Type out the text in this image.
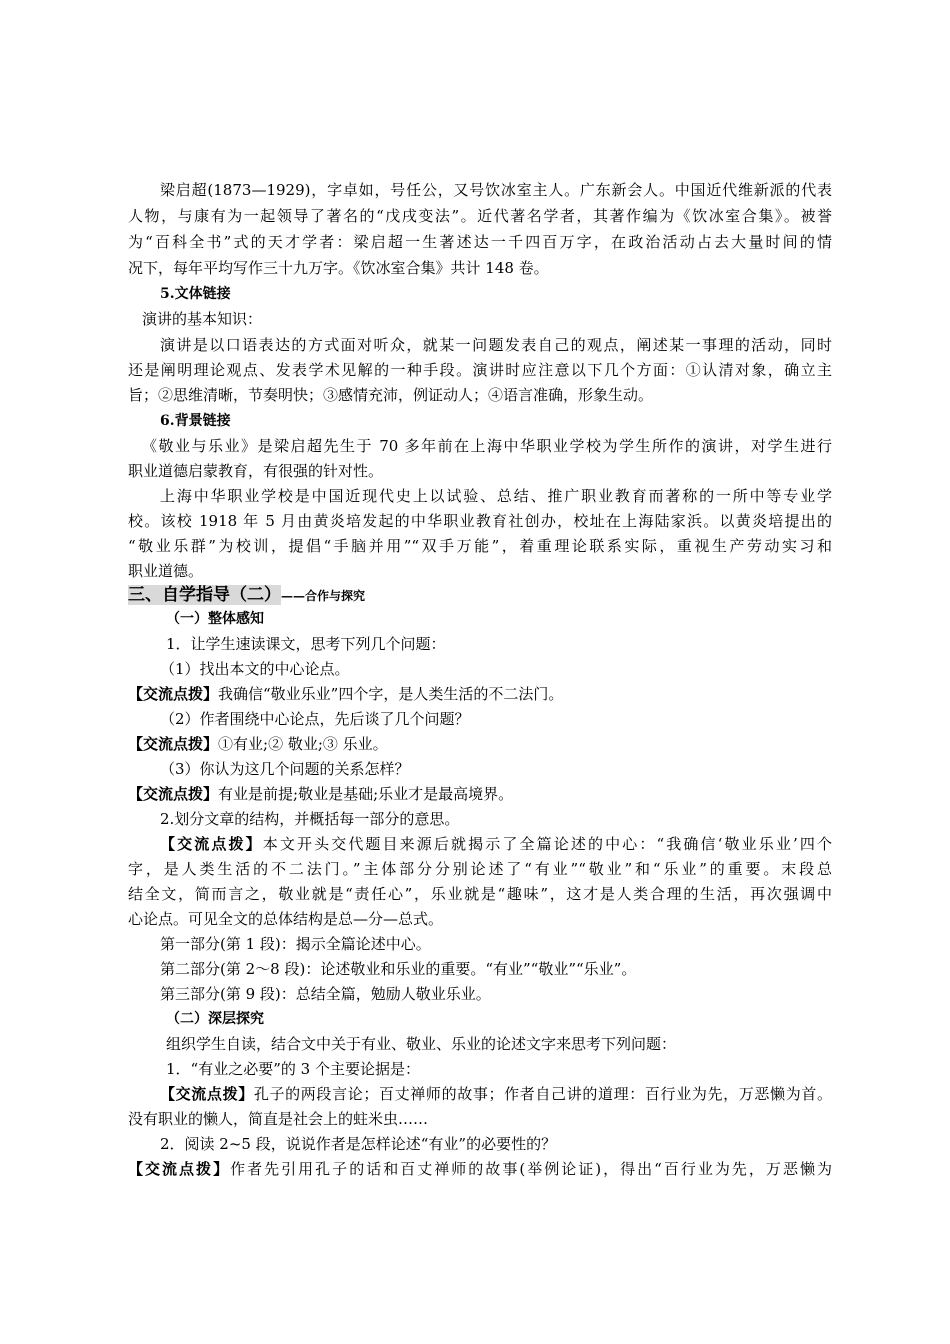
梁启超(1873—1929)，字卓如，号任公，又号饮冰室主人。广东新会人。中国近代维新派的代表
人物，与康有为一起领导了著名的“戊戌变法”。近代著名学者，其著作编为《饮冰室合集》。被誉
为“百科全书”式的天才学者：梁启超一生著述达一千四百万字，在政治活动占去大量时间的情
况下，每年平均写作三十九万字。《饮冰室合集》共计 148 卷。
5.文体链接
演讲的基本知识：
演讲是以口语表达的方式面对听众，就某一问题发表自己的观点，阐述某一事理的活动，同时
还是阐明理论观点、发表学术见解的一种手段。演讲时应注意以下几个方面：①认清对象，确立主
旨；②思维清晰，节奏明快；③感情充沛，例证动人；④语言准确，形象生动。
6.背景链接
《敬业与乐业》是梁启超先生于 70 多年前在上海中华职业学校为学生所作的演讲，对学生进行
职业道德启蒙教育，有很强的针对性。
上海中华职业学校是中国近现代史上以试验、总结、推广职业教育而著称的一所中等专业学
校。该校 1918 年 5 月由黄炎培发起的中华职业教育社创办，校址在上海陆家浜。以黄炎培提出的
“敬业乐群”为校训，提倡“手脑并用”“双手万能”，着重理论联系实际，重视生产劳动实习和
职业道德。
三、自学指导（二）——合作与探究
（一）整体感知
1．让学生速读课文，思考下列几个问题：
（1）找出本文的中心论点。
【交流点拨】我确信“敬业乐业”四个字，是人类生活的不二法门。
（2）作者围绕中心论点，先后谈了几个问题？
【交流点拨】①有业;② 敬业;③ 乐业。
（3）你认为这几个问题的关系怎样？
【交流点拨】有业是前提;敬业是基础;乐业才是最高境界。
2.划分文章的结构，并概括每一部分的意思。
【交流点拨】本文开头交代题目来源后就揭示了全篇论述的中心：“我确信‘敬业乐业’四个
字，是人类生活的不二法门。”主体部分分别论述了“有业”“敬业”和“乐业”的重要。末段总
结全文，简而言之，敬业就是“责任心”，乐业就是“趣味”，这才是人类合理的生活，再次强调中
心论点。可见全文的总体结构是总—分—总式。
第一部分(第 1 段)：揭示全篇论述中心。
第二部分(第 2～8 段)：论述敬业和乐业的重要。“有业”“敬业”“乐业”。
第三部分(第 9 段)：总结全篇，勉励人敬业乐业。
（二）深层探究
组织学生自读，结合文中关于有业、敬业、乐业的论述文字来思考下列问题：
1．“有业之必要”的 3 个主要论据是：
【交流点拨】孔子的两段言论；百丈禅师的故事；作者自己讲的道理：百行业为先，万恶懒为首。
没有职业的懒人，简直是社会上的蛀米虫……
2．阅读 2~5 段，说说作者是怎样论述“有业”的必要性的？
【交流点拨】作者先引用孔子的话和百丈禅师的故事(举例论证)，得出“百行业为先，万恶懒为
